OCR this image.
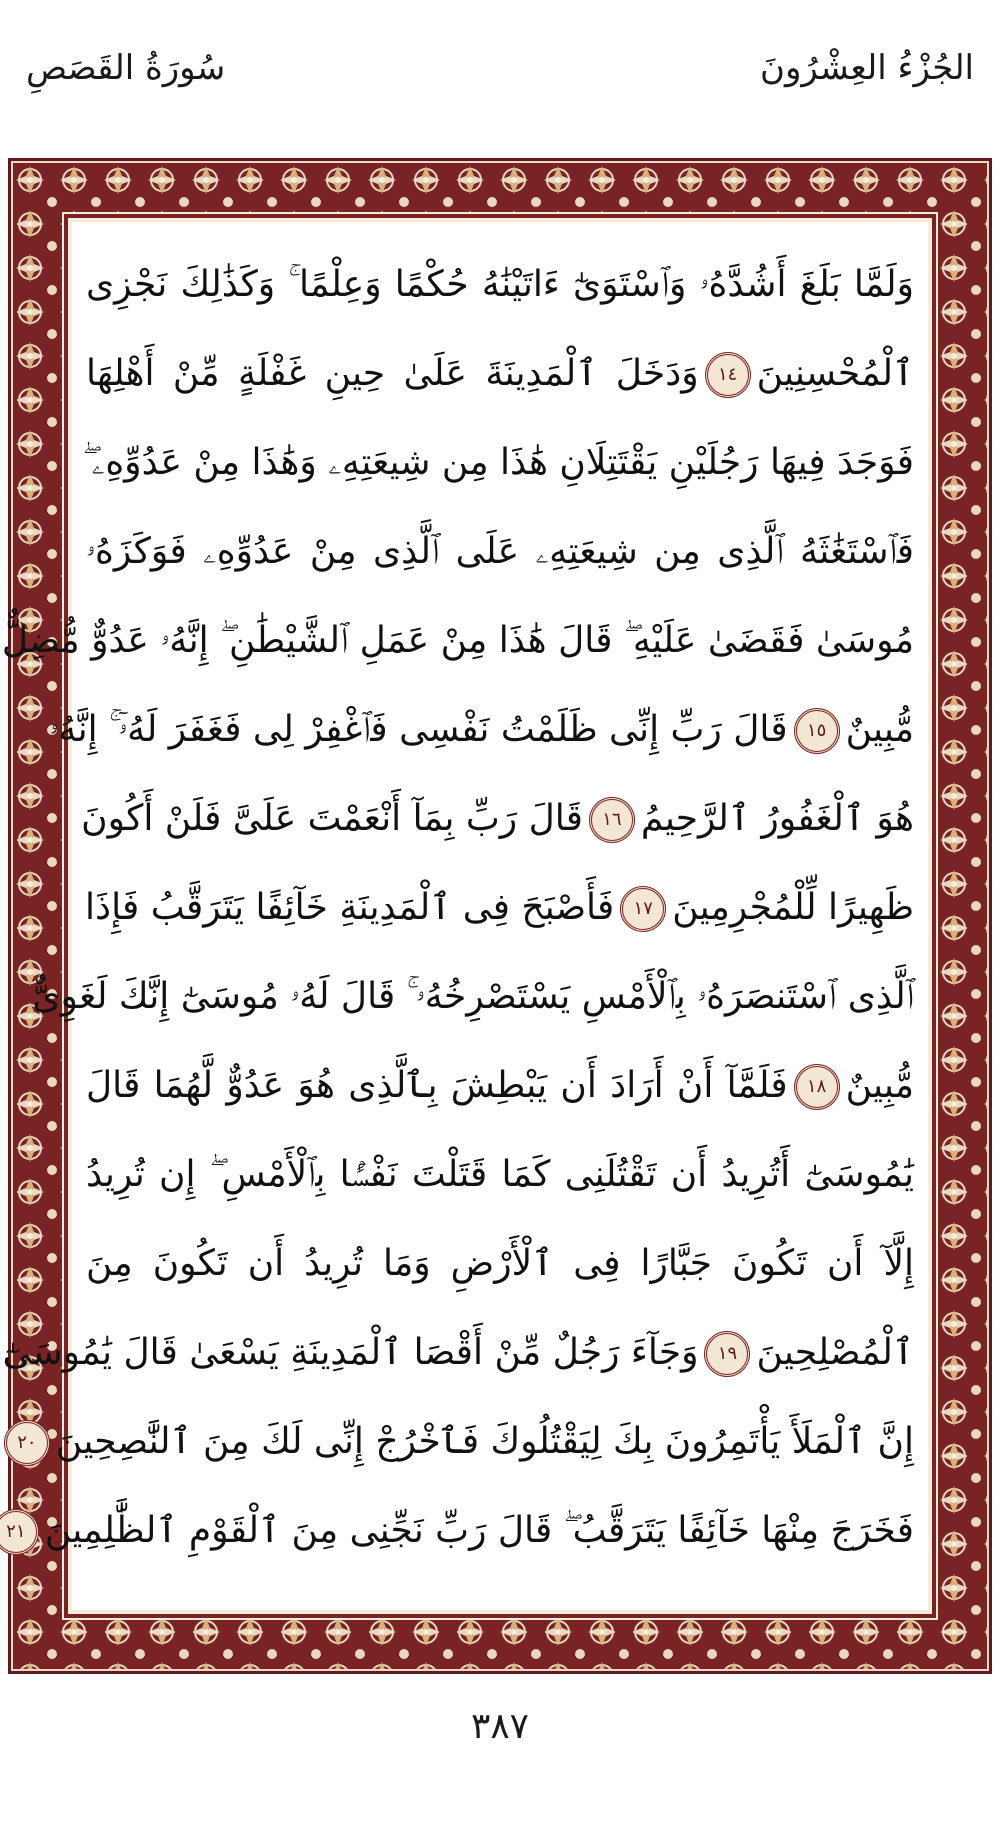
سُورَةُ القَصَصِ	الجُزْءُ العِشْرُونَ
وَلَمَّا بَلَغَ أَشُدَّهُۥ وَٱسْتَوَىٰٓ ءَاتَيْنَٰهُ حُكْمًا وَعِلْمًا ۚ وَكَذَٰلِكَ نَجْزِى
ٱلْمُحْسِنِينَ١٤وَدَخَلَ ٱلْمَدِينَةَ عَلَىٰ حِينِ غَفْلَةٍ مِّنْ أَهْلِهَا
فَوَجَدَ فِيهَا رَجُلَيْنِ يَقْتَتِلَانِ هَٰذَا مِن شِيعَتِهِۦ وَهَٰذَا مِنْ عَدُوِّهِۦ ۖ
فَٱسْتَغَٰثَهُ ٱلَّذِى مِن شِيعَتِهِۦ عَلَى ٱلَّذِى مِنْ عَدُوِّهِۦ فَوَكَزَهُۥ
مُوسَىٰ فَقَضَىٰ عَلَيْهِ ۖ قَالَ هَٰذَا مِنْ عَمَلِ ٱلشَّيْطَٰنِ ۖ إِنَّهُۥ عَدُوٌّ مُّضِلٌّ
مُّبِينٌ١٥قَالَ رَبِّ إِنِّى ظَلَمْتُ نَفْسِى فَٱغْفِرْ لِى فَغَفَرَ لَهُۥٓ ۚ إِنَّهُۥ
هُوَ ٱلْغَفُورُ ٱلرَّحِيمُ١٦قَالَ رَبِّ بِمَآ أَنْعَمْتَ عَلَىَّ فَلَنْ أَكُونَ
ظَهِيرًا لِّلْمُجْرِمِينَ١٧فَأَصْبَحَ فِى ٱلْمَدِينَةِ خَآئِفًا يَتَرَقَّبُ فَإِذَا
ٱلَّذِى ٱسْتَنصَرَهُۥ بِٱلْأَمْسِ يَسْتَصْرِخُهُۥ ۚ قَالَ لَهُۥ مُوسَىٰٓ إِنَّكَ لَغَوِىٌّ
مُّبِينٌ١٨فَلَمَّآ أَنْ أَرَادَ أَن يَبْطِشَ بِٱلَّذِى هُوَ عَدُوٌّ لَّهُمَا قَالَ
يَٰمُوسَىٰٓ أَتُرِيدُ أَن تَقْتُلَنِى كَمَا قَتَلْتَ نَفْسًۢا بِٱلْأَمْسِ ۖ إِن تُرِيدُ
إِلَّآ أَن تَكُونَ جَبَّارًا فِى ٱلْأَرْضِ وَمَا تُرِيدُ أَن تَكُونَ مِنَ
ٱلْمُصْلِحِينَ١٩وَجَآءَ رَجُلٌ مِّنْ أَقْصَا ٱلْمَدِينَةِ يَسْعَىٰ قَالَ يَٰمُوسَىٰٓ
إِنَّ ٱلْمَلَأَ يَأْتَمِرُونَ بِكَ لِيَقْتُلُوكَ فَٱخْرُجْ إِنِّى لَكَ مِنَ ٱلنَّٰصِحِينَ٢٠
فَخَرَجَ مِنْهَا خَآئِفًا يَتَرَقَّبُ ۖ قَالَ رَبِّ نَجِّنِى مِنَ ٱلْقَوْمِ ٱلظَّٰلِمِينَ٢١
٣٨٧
